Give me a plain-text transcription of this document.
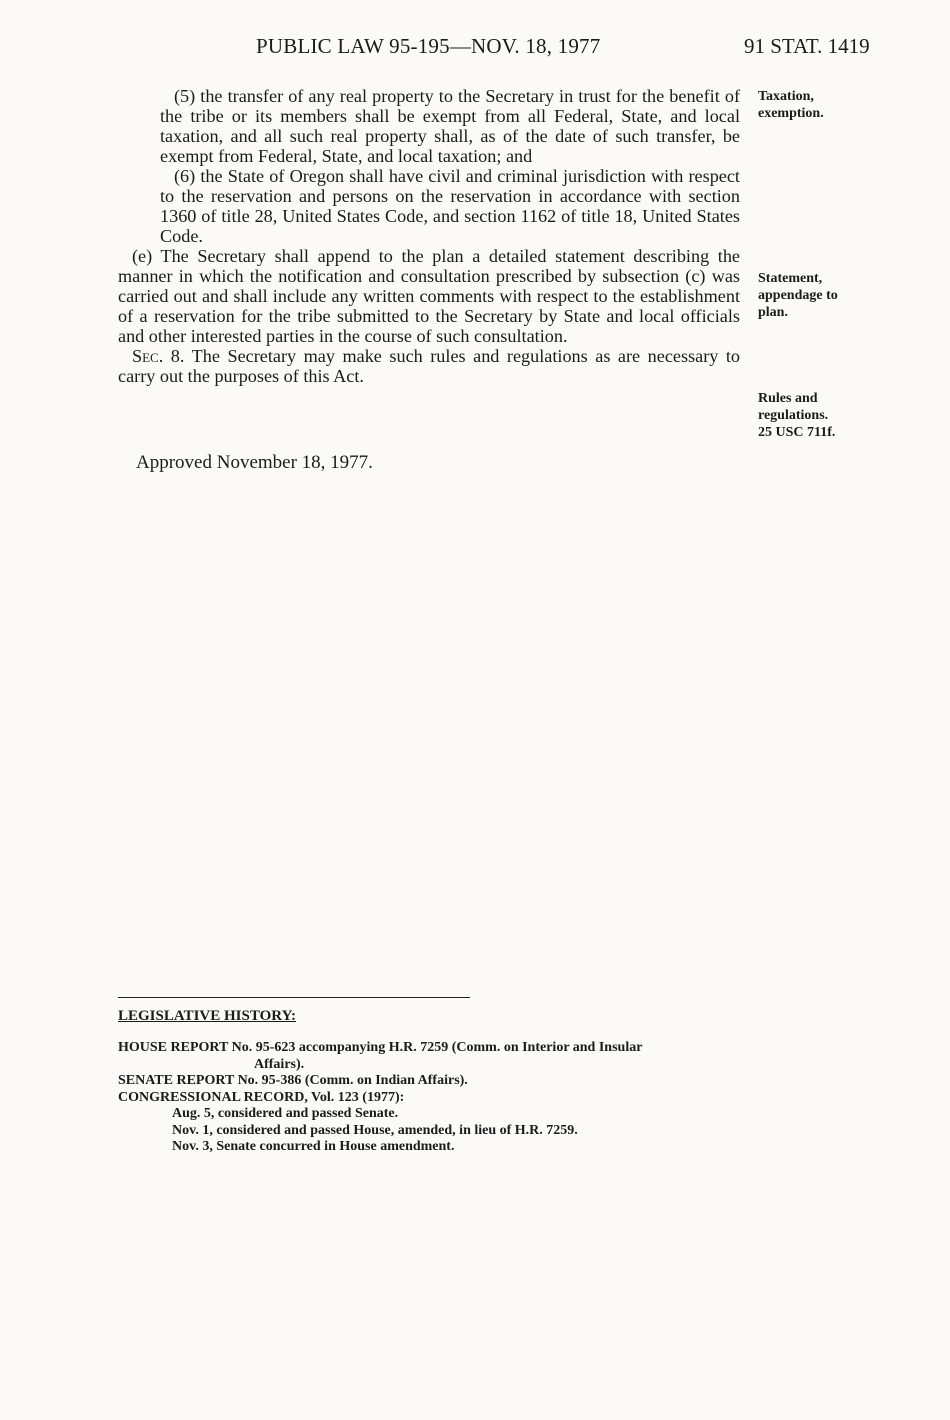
PUBLIC LAW 95-195—NOV. 18, 1977	91 STAT. 1419

(5) the transfer of any real property to the Secretary in trust for the benefit of the tribe or its members shall be exempt from all Federal, State, and local taxation, and all such real property shall, as of the date of such transfer, be exempt from Federal, State, and local taxation; and

(6) the State of Oregon shall have civil and criminal jurisdiction with respect to the reservation and persons on the reservation in accordance with section 1360 of title 28, United States Code, and section 1162 of title 18, United States Code.

(e) The Secretary shall append to the plan a detailed statement describing the manner in which the notification and consultation prescribed by subsection (c) was carried out and shall include any written comments with respect to the establishment of a reservation for the tribe submitted to the Secretary by State and local officials and other interested parties in the course of such consultation.

Sec. 8. The Secretary may make such rules and regulations as are necessary to carry out the purposes of this Act.

Taxation,
exemption.
Statement,
appendage to
plan.
Rules and
regulations.
25 USC 711f.
Approved November 18, 1977.
LEGISLATIVE HISTORY:
HOUSE REPORT No. 95-623 accompanying H.R. 7259 (Comm. on Interior and Insular
Affairs).
SENATE REPORT No. 95-386 (Comm. on Indian Affairs).
CONGRESSIONAL RECORD, Vol. 123 (1977):
Aug. 5, considered and passed Senate.
Nov. 1, considered and passed House, amended, in lieu of H.R. 7259.
Nov. 3, Senate concurred in House amendment.
